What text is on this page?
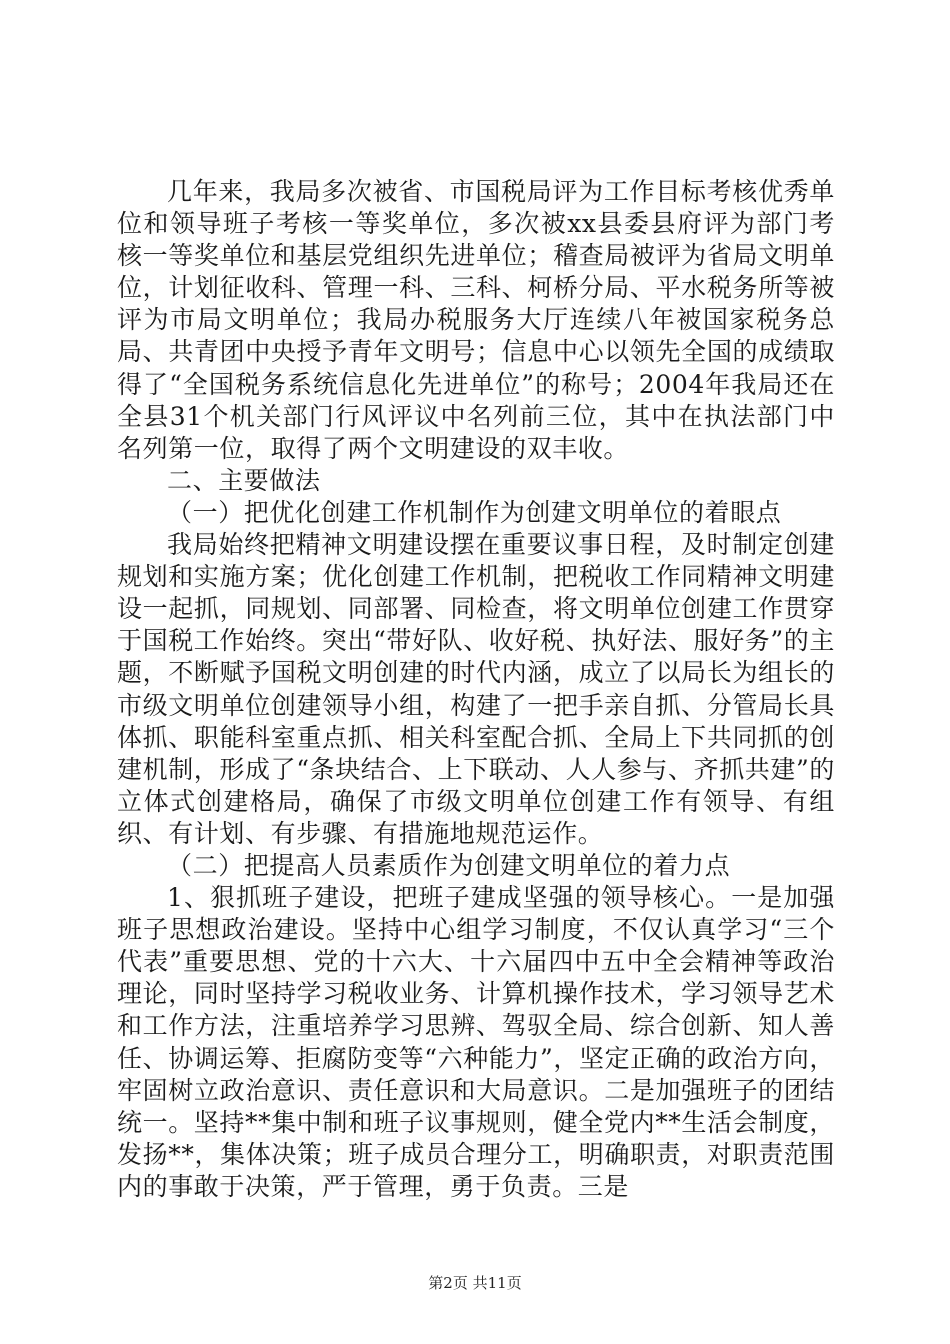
几年来，我局多次被省、市国税局评为工作目标考核优秀单位和领导班子考核一等奖单位，多次被xx县委县府评为部门考核一等奖单位和基层党组织先进单位；稽查局被评为省局文明单位，计划征收科、管理一科、三科、柯桥分局、平水税务所等被评为市局文明单位；我局办税服务大厅连续八年被国家税务总局、共青团中央授予青年文明号；信息中心以领先全国的成绩取得了“全国税务系统信息化先进单位”的称号；2004年我局还在全县31个机关部门行风评议中名列前三位，其中在执法部门中名列第一位，取得了两个文明建设的双丰收。

二、主要做法

（一）把优化创建工作机制作为创建文明单位的着眼点

我局始终把精神文明建设摆在重要议事日程，及时制定创建规划和实施方案；优化创建工作机制，把税收工作同精神文明建设一起抓，同规划、同部署、同检查，将文明单位创建工作贯穿于国税工作始终。突出“带好队、收好税、执好法、服好务”的主题，不断赋予国税文明创建的时代内涵，成立了以局长为组长的市级文明单位创建领导小组，构建了一把手亲自抓、分管局长具体抓、职能科室重点抓、相关科室配合抓、全局上下共同抓的创建机制，形成了“条块结合、上下联动、人人参与、齐抓共建”的立体式创建格局，确保了市级文明单位创建工作有领导、有组织、有计划、有步骤、有措施地规范运作。

（二）把提高人员素质作为创建文明单位的着力点

1、狠抓班子建设，把班子建成坚强的领导核心。一是加强班子思想政治建设。坚持中心组学习制度，不仅认真学习“三个代表”重要思想、党的十六大、十六届四中五中全会精神等政治理论，同时坚持学习税收业务、计算机操作技术，学习领导艺术和工作方法，注重培养学习思辨、驾驭全局、综合创新、知人善任、协调运筹、拒腐防变等“六种能力”，坚定正确的政治方向，牢固树立政治意识、责任意识和大局意识。二是加强班子的团结统一。坚持**集中制和班子议事规则，健全党内**生活会制度，发扬**，集体决策；班子成员合理分工，明确职责，对职责范围内的事敢于决策，严于管理，勇于负责。三是

第2页 共11页
